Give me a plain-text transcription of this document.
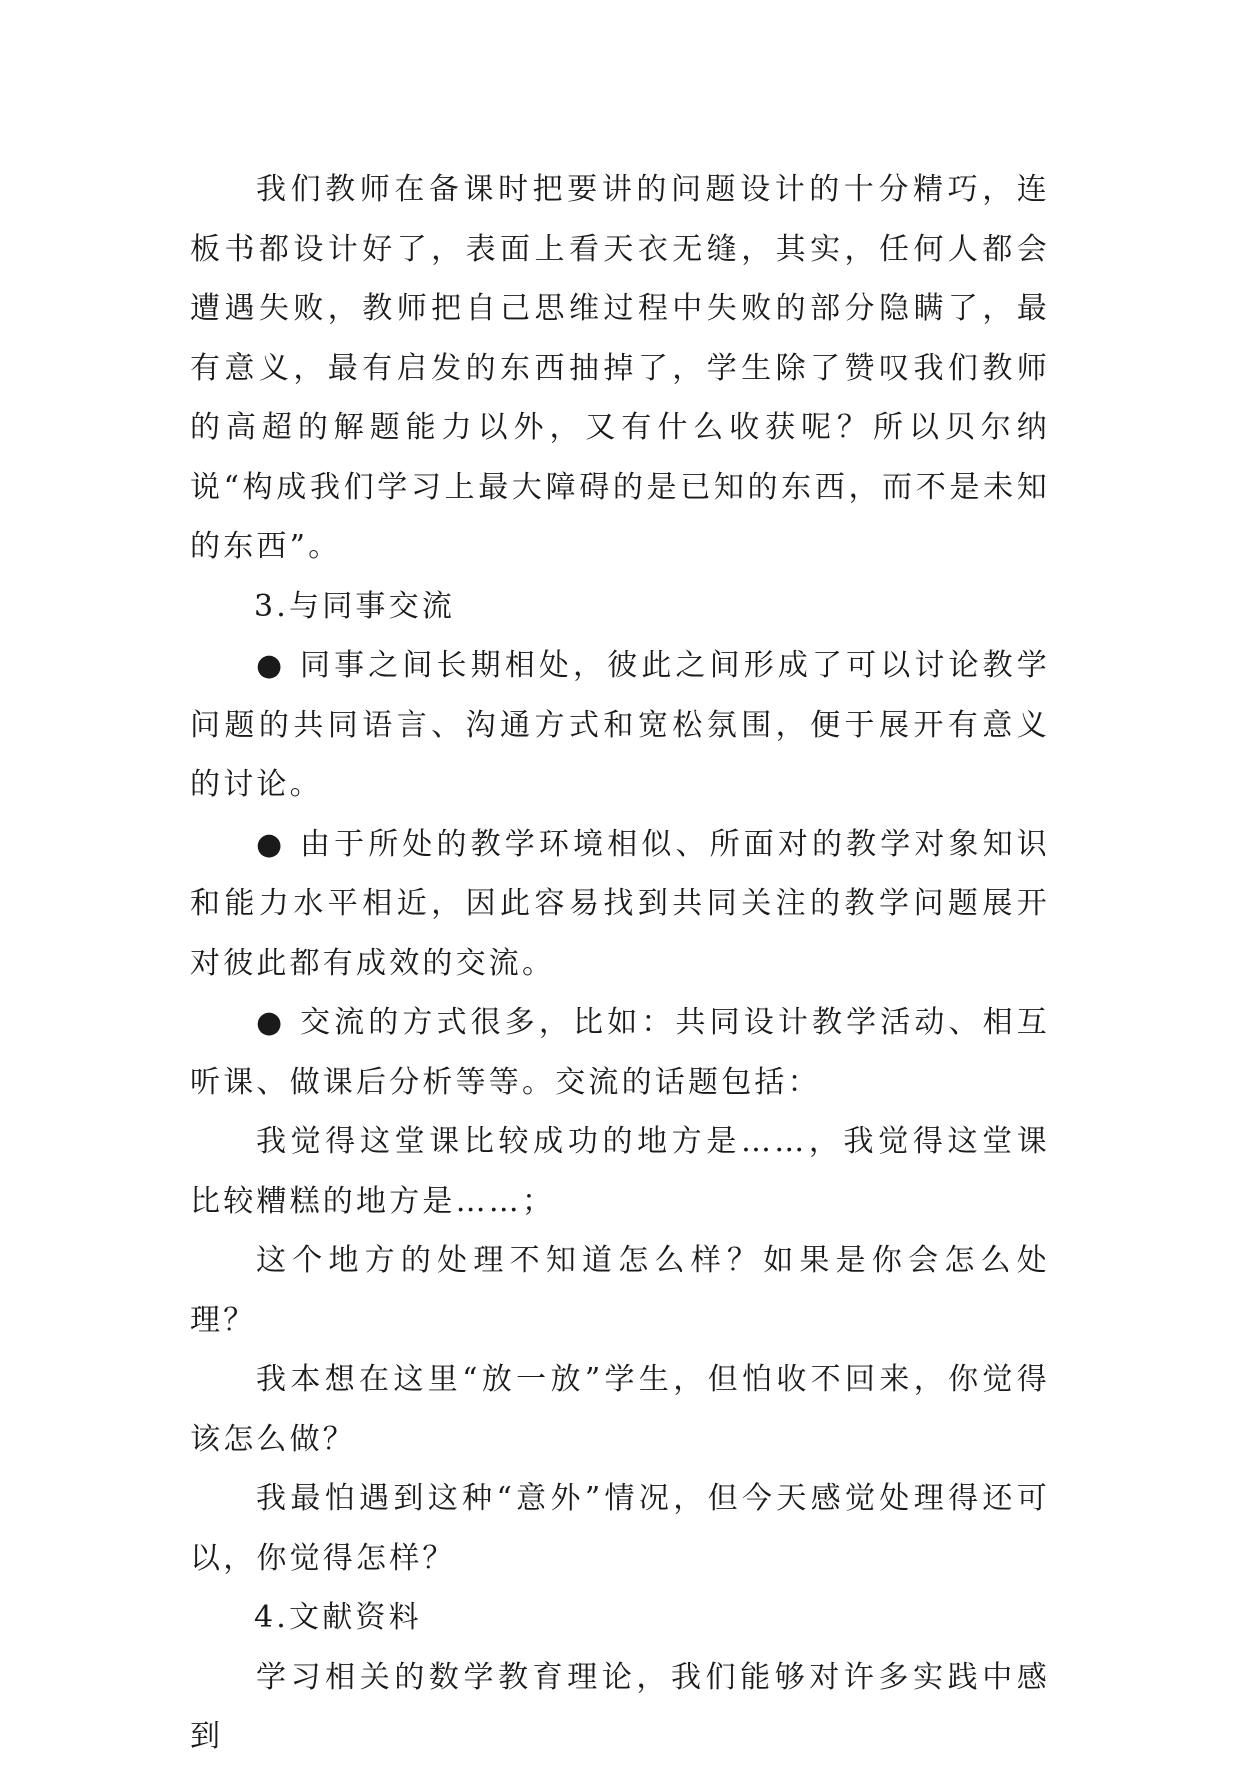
我们教师在备课时把要讲的问题设计的十分精巧，连板书都设计好了，表面上看天衣无缝，其实，任何人都会遭遇失败，教师把自己思维过程中失败的部分隐瞒了，最有意义，最有启发的东西抽掉了，学生除了赞叹我们教师的高超的解题能力以外，又有什么收获呢？所以贝尔纳说“构成我们学习上最大障碍的是已知的东西，而不是未知的东西”。

3.与同事交流

● 同事之间长期相处，彼此之间形成了可以讨论教学问题的共同语言、沟通方式和宽松氛围，便于展开有意义的讨论。

● 由于所处的教学环境相似、所面对的教学对象知识和能力水平相近，因此容易找到共同关注的教学问题展开对彼此都有成效的交流。

● 交流的方式很多，比如：共同设计教学活动、相互听课、做课后分析等等。交流的话题包括：

我觉得这堂课比较成功的地方是……，我觉得这堂课比较糟糕的地方是……；

这个地方的处理不知道怎么样？如果是你会怎么处理？

我本想在这里“放一放”学生，但怕收不回来，你觉得该怎么做？

我最怕遇到这种“意外”情况，但今天感觉处理得还可以，你觉得怎样？

4.文献资料

学习相关的数学教育理论，我们能够对许多实践中感到
